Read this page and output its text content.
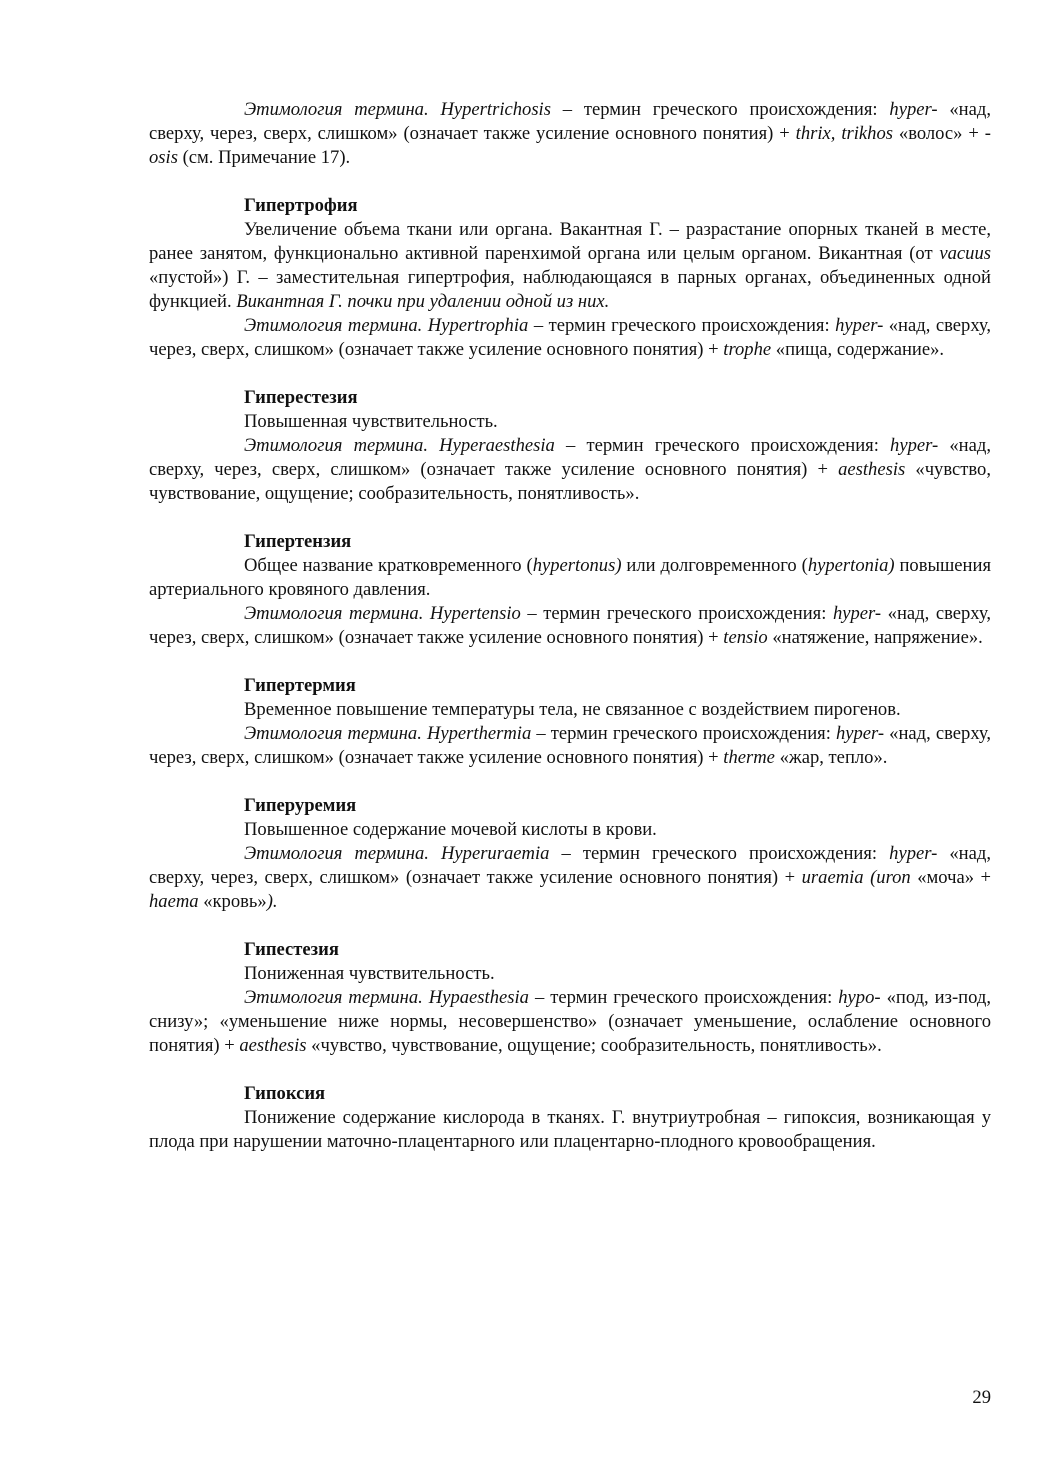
Этимология термина. Hypertrichosis – термин греческого происхождения: hyper- «над, сверху, через, сверх, слишком» (означает также усиление основного понятия) + thrix, trikhos «волос» + -osis (см. Примечание 17).

Гипертрофия

Увеличение объема ткани или органа. Вакантная Г. – разрастание опорных тканей в месте, ранее занятом, функционально активной паренхимой органа или целым органом. Викантная (от vacuus «пустой») Г. – заместительная гипертрофия, наблюдающаяся в парных органах, объединенных одной функцией. Викантная Г. почки при удалении одной из них.

Этимология термина. Hypertrophia – термин греческого происхождения: hyper- «над, сверху, через, сверх, слишком» (означает также усиление основного понятия) + trophe «пища, содержание».

Гиперестезия

Повышенная чувствительность.

Этимология термина. Hyperaesthesia – термин греческого происхождения: hyper- «над, сверху, через, сверх, слишком» (означает также усиление основного понятия) + aesthesis «чувство, чувствование, ощущение; сообразительность, понятливость».

Гипертензия

Общее название кратковременного (hypertonus) или долговременного (hypertonia) повышения артериального кровяного давления.

Этимология термина. Hypertensio – термин греческого происхождения: hyper- «над, сверху, через, сверх, слишком» (означает также усиление основного понятия) + tensio «натяжение, напряжение».

Гипертермия

Временное повышение температуры тела, не связанное с воздействием пирогенов.

Этимология термина. Hyperthermia – термин греческого происхождения: hyper- «над, сверху, через, сверх, слишком» (означает также усиление основного понятия) + therme «жар, тепло».

Гиперуремия

Повышенное содержание мочевой кислоты в крови.

Этимология термина. Hyperuraemia – термин греческого происхождения: hyper- «над, сверху, через, сверх, слишком» (означает также усиление основного понятия) + uraemia (uron «моча» + haema «кровь»).

Гипестезия

Пониженная чувствительность.

Этимология термина. Hypaesthesia – термин греческого происхождения: hypo- «под, из-под, снизу»; «уменьшение ниже нормы, несовершенство» (означает уменьшение, ослабление основного понятия) + aesthesis «чувство, чувствование, ощущение; сообразительность, понятливость».

Гипоксия

Понижение содержание кислорода в тканях. Г. внутриутробная – гипоксия, возникающая у плода при нарушении маточно-плацентарного или плацентарно-плодного кровообращения.

29
